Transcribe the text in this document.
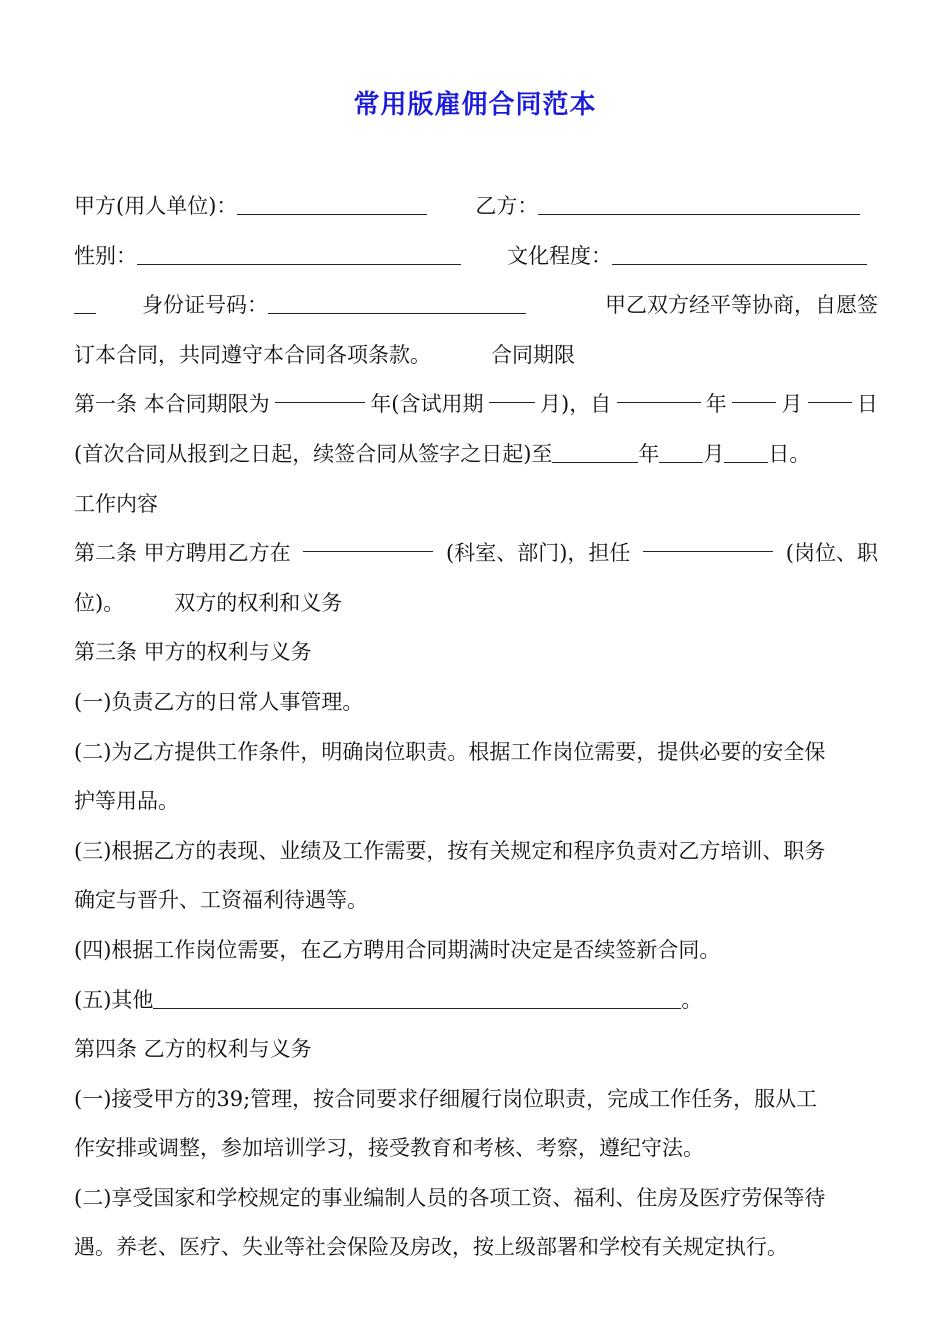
常用版雇佣合同范本
甲方(用人单位)：	乙方：
性别：	文化程度：
身份证号码：	甲乙双方经平等协商，自愿签
订本合同，共同遵守本合同各项条款。	合同期限
第一条 本合同期限为	年(含试用期	月)，自	年	月	日
(首次合同从报到之日起，续签合同从签字之日起)至	年 月 日。
工作内容
第二条 甲方聘用乙方在	(科室、部门)，担任	(岗位、职
位)。 双方的权利和义务
第三条 甲方的权利与义务
(一)负责乙方的日常人事管理。
(二)为乙方提供工作条件，明确岗位职责。根据工作岗位需要，提供必要的安全保
护等用品。
(三)根据乙方的表现、业绩及工作需要，按有关规定和程序负责对乙方培训、职务
确定与晋升、工资福利待遇等。
(四)根据工作岗位需要，在乙方聘用合同期满时决定是否续签新合同。
(五)其他	。
第四条 乙方的权利与义务
(一)接受甲方的39;管理，按合同要求仔细履行岗位职责，完成工作任务，服从工
作安排或调整，参加培训学习，接受教育和考核、考察，遵纪守法。
(二)享受国家和学校规定的事业编制人员的各项工资、福利、住房及医疗劳保等待
遇。养老、医疗、失业等社会保险及房改，按上级部署和学校有关规定执行。
